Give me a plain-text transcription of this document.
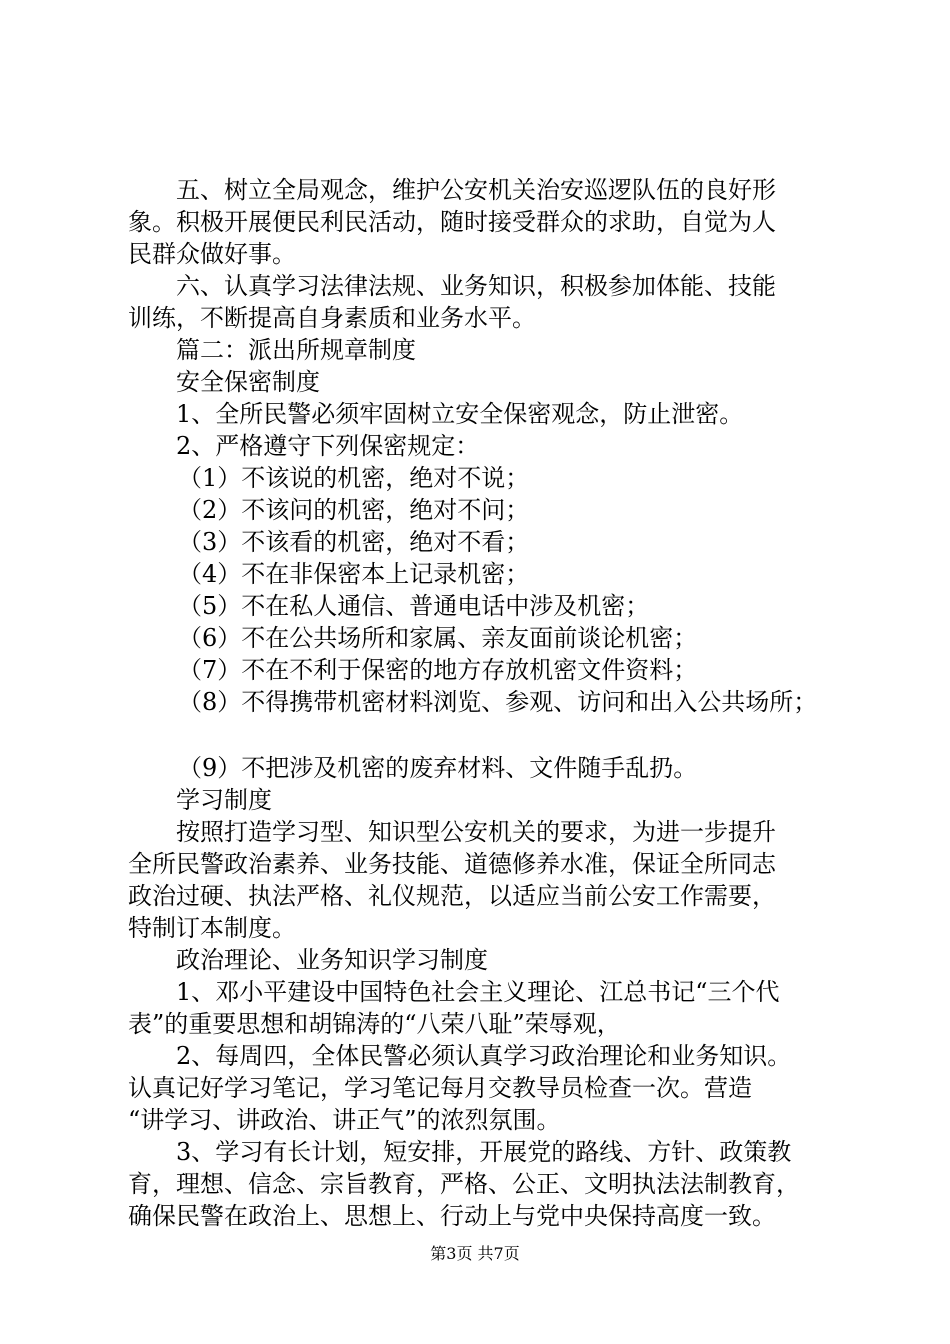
五、树立全局观念，维护公安机关治安巡逻队伍的良好形
象。积极开展便民利民活动，随时接受群众的求助，自觉为人
民群众做好事。
六、认真学习法律法规、业务知识，积极参加体能、技能
训练，不断提高自身素质和业务水平。
篇二：派出所规章制度
安全保密制度
1、全所民警必须牢固树立安全保密观念，防止泄密。
2、严格遵守下列保密规定：
（1）不该说的机密，绝对不说；
（2）不该问的机密，绝对不问；
（3）不该看的机密，绝对不看；
（4）不在非保密本上记录机密；
（5）不在私人通信、普通电话中涉及机密；
（6）不在公共场所和家属、亲友面前谈论机密；
（7）不在不利于保密的地方存放机密文件资料；
（8）不得携带机密材料浏览、参观、访问和出入公共场所；
（9）不把涉及机密的废弃材料、文件随手乱扔。
学习制度
按照打造学习型、知识型公安机关的要求，为进一步提升
全所民警政治素养、业务技能、道德修养水准，保证全所同志
政治过硬、执法严格、礼仪规范，以适应当前公安工作需要，
特制订本制度。
政治理论、业务知识学习制度
1、邓小平建设中国特色社会主义理论、江总书记“三个代
表”的重要思想和胡锦涛的“八荣八耻”荣辱观，
2、每周四，全体民警必须认真学习政治理论和业务知识。
认真记好学习笔记，学习笔记每月交教导员检查一次。营造
“讲学习、讲政治、讲正气”的浓烈氛围。
3、学习有长计划，短安排，开展党的路线、方针、政策教
育，理想、信念、宗旨教育，严格、公正、文明执法法制教育，
确保民警在政治上、思想上、行动上与党中央保持高度一致。
第3页 共7页
